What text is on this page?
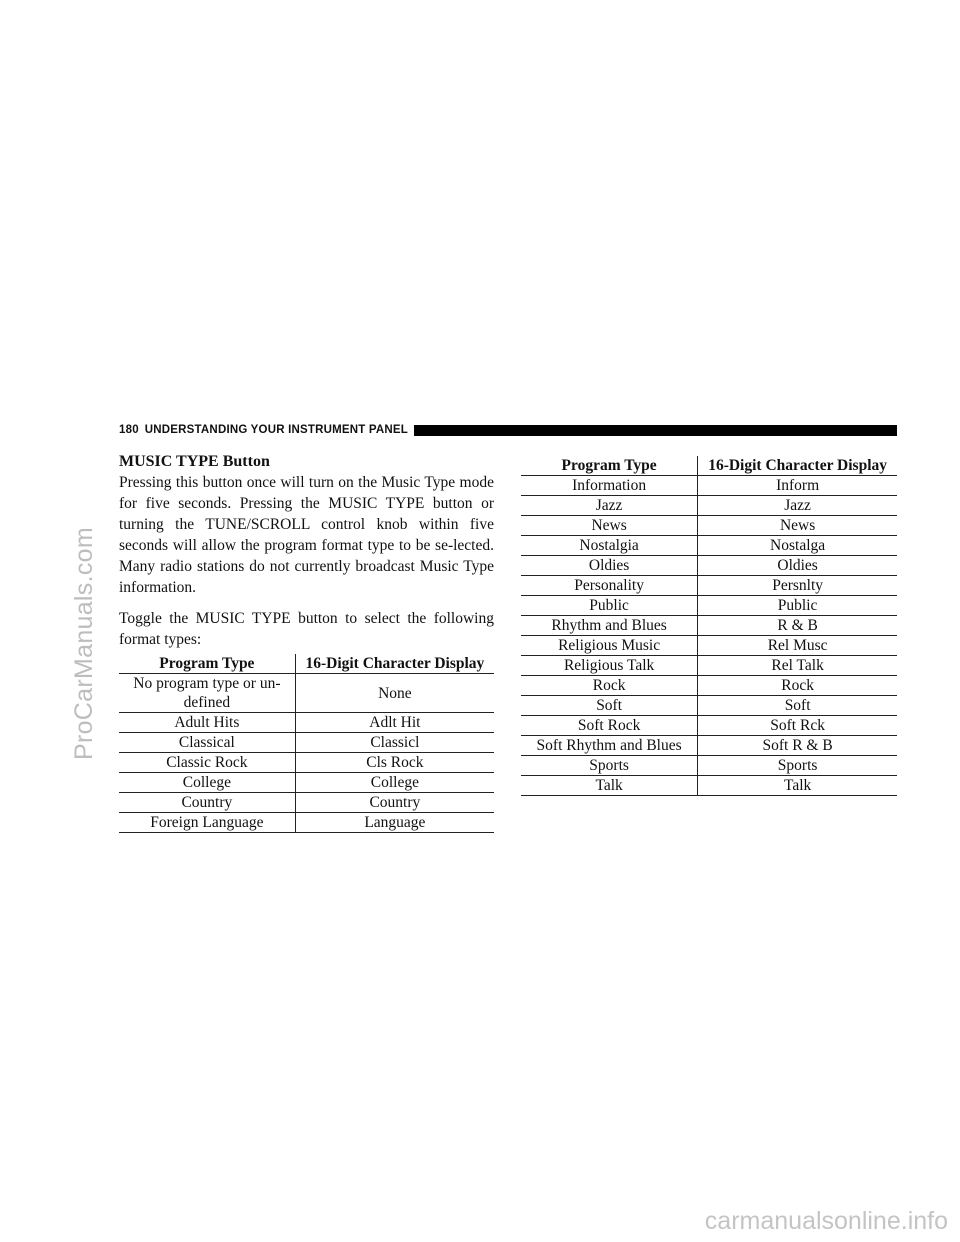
ProCarManuals.com
180 UNDERSTANDING YOUR INSTRUMENT PANEL
MUSIC TYPE Button

Pressing this button once will turn on the Music Type mode for five seconds. Pressing the MUSIC TYPE button or turning the TUNE/SCROLL control knob within five seconds will allow the program format type to be se-lected. Many radio stations do not currently broadcast Music Type information.

Toggle the MUSIC TYPE button to select the following format types:

Program Type	16-Digit Character Display
No program type or un-defined	None
Adult Hits	Adlt Hit
Classical	Classicl
Classic Rock	Cls Rock
College	College
Country	Country
Foreign Language	Language
Program Type	16-Digit Character Display
Information	Inform
Jazz	Jazz
News	News
Nostalgia	Nostalga
Oldies	Oldies
Personality	Persnlty
Public	Public
Rhythm and Blues	R & B
Religious Music	Rel Musc
Religious Talk	Rel Talk
Rock	Rock
Soft	Soft
Soft Rock	Soft Rck
Soft Rhythm and Blues	Soft R & B
Sports	Sports
Talk	Talk
carmanualsonline.info
